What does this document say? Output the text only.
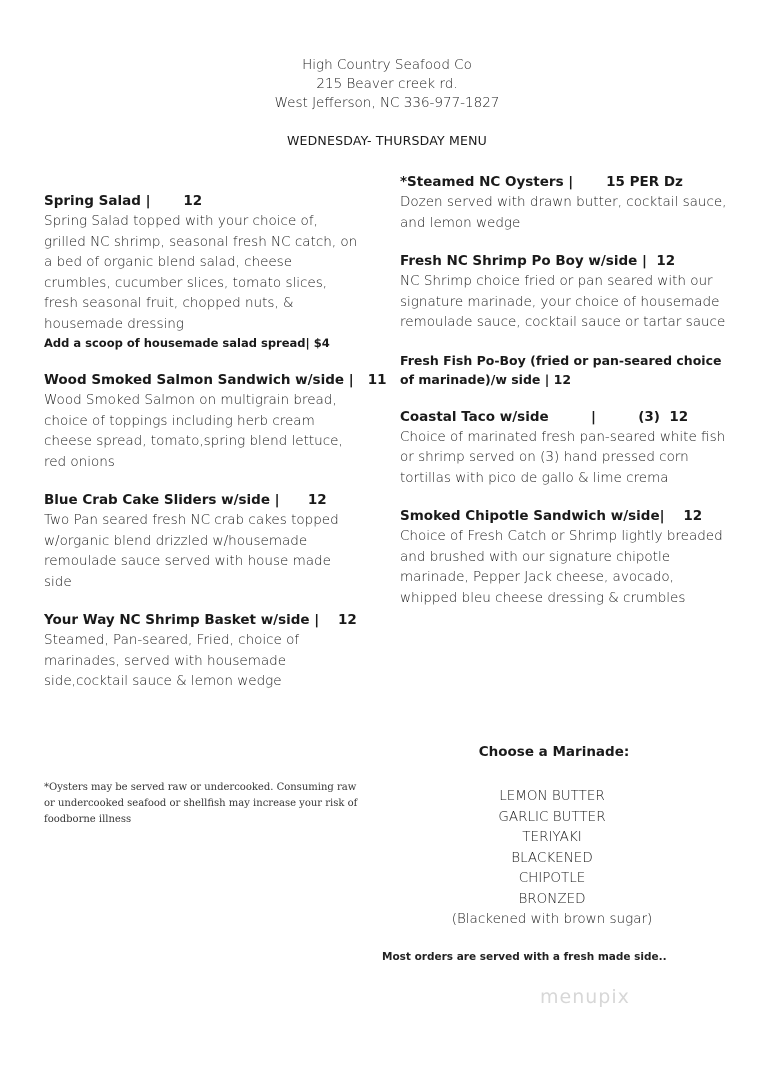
High Country Seafood Co
215 Beaver creek rd.
West Jefferson, NC 336-977-1827
WEDNESDAY- THURSDAY MENU
Spring Salad |       12
Spring Salad topped with your choice of, grilled NC shrimp, seasonal fresh NC catch, on a bed of organic blend salad, cheese crumbles, cucumber slices, tomato slices, fresh seasonal fruit, chopped nuts, & housemade dressing
Add a scoop of housemade salad spread| $4
Wood Smoked Salmon Sandwich w/side |   11
Wood Smoked Salmon on multigrain bread, choice of toppings including herb cream cheese spread, tomato,spring blend lettuce, red onions
Blue Crab Cake Sliders w/side |      12
Two Pan seared fresh NC crab cakes topped w/organic blend drizzled w/housemade remoulade sauce served with house made side
Your Way NC Shrimp Basket w/side |    12
Steamed, Pan-seared, Fried, choice of marinades, served with housemade side,cocktail sauce & lemon wedge
*Steamed NC Oysters |       15 PER Dz
Dozen served with drawn butter, cocktail sauce, and lemon wedge
Fresh NC Shrimp Po Boy w/side |  12
NC Shrimp choice fried or pan seared with our signature marinade, your choice of housemade remoulade sauce, cocktail sauce or tartar sauce
Fresh Fish Po-Boy (fried or pan-seared choice of marinade)/w side | 12
Coastal Taco w/side         |         (3)  12
Choice of marinated fresh pan-seared white fish or shrimp served on (3) hand pressed corn tortillas with pico de gallo & lime crema
Smoked Chipotle Sandwich w/side|    12
Choice of Fresh Catch or Shrimp lightly breaded and brushed with our signature chipotle marinade, Pepper Jack cheese, avocado, whipped bleu cheese dressing & crumbles
*Oysters may be served raw or undercooked. Consuming raw or undercooked seafood or shellfish may increase your risk of foodborne illness
Choose a Marinade:
LEMON BUTTER
GARLIC BUTTER
TERIYAKI
BLACKENED
CHIPOTLE
BRONZED
(Blackened with brown sugar)
Most orders are served with a fresh made side..
menupix
